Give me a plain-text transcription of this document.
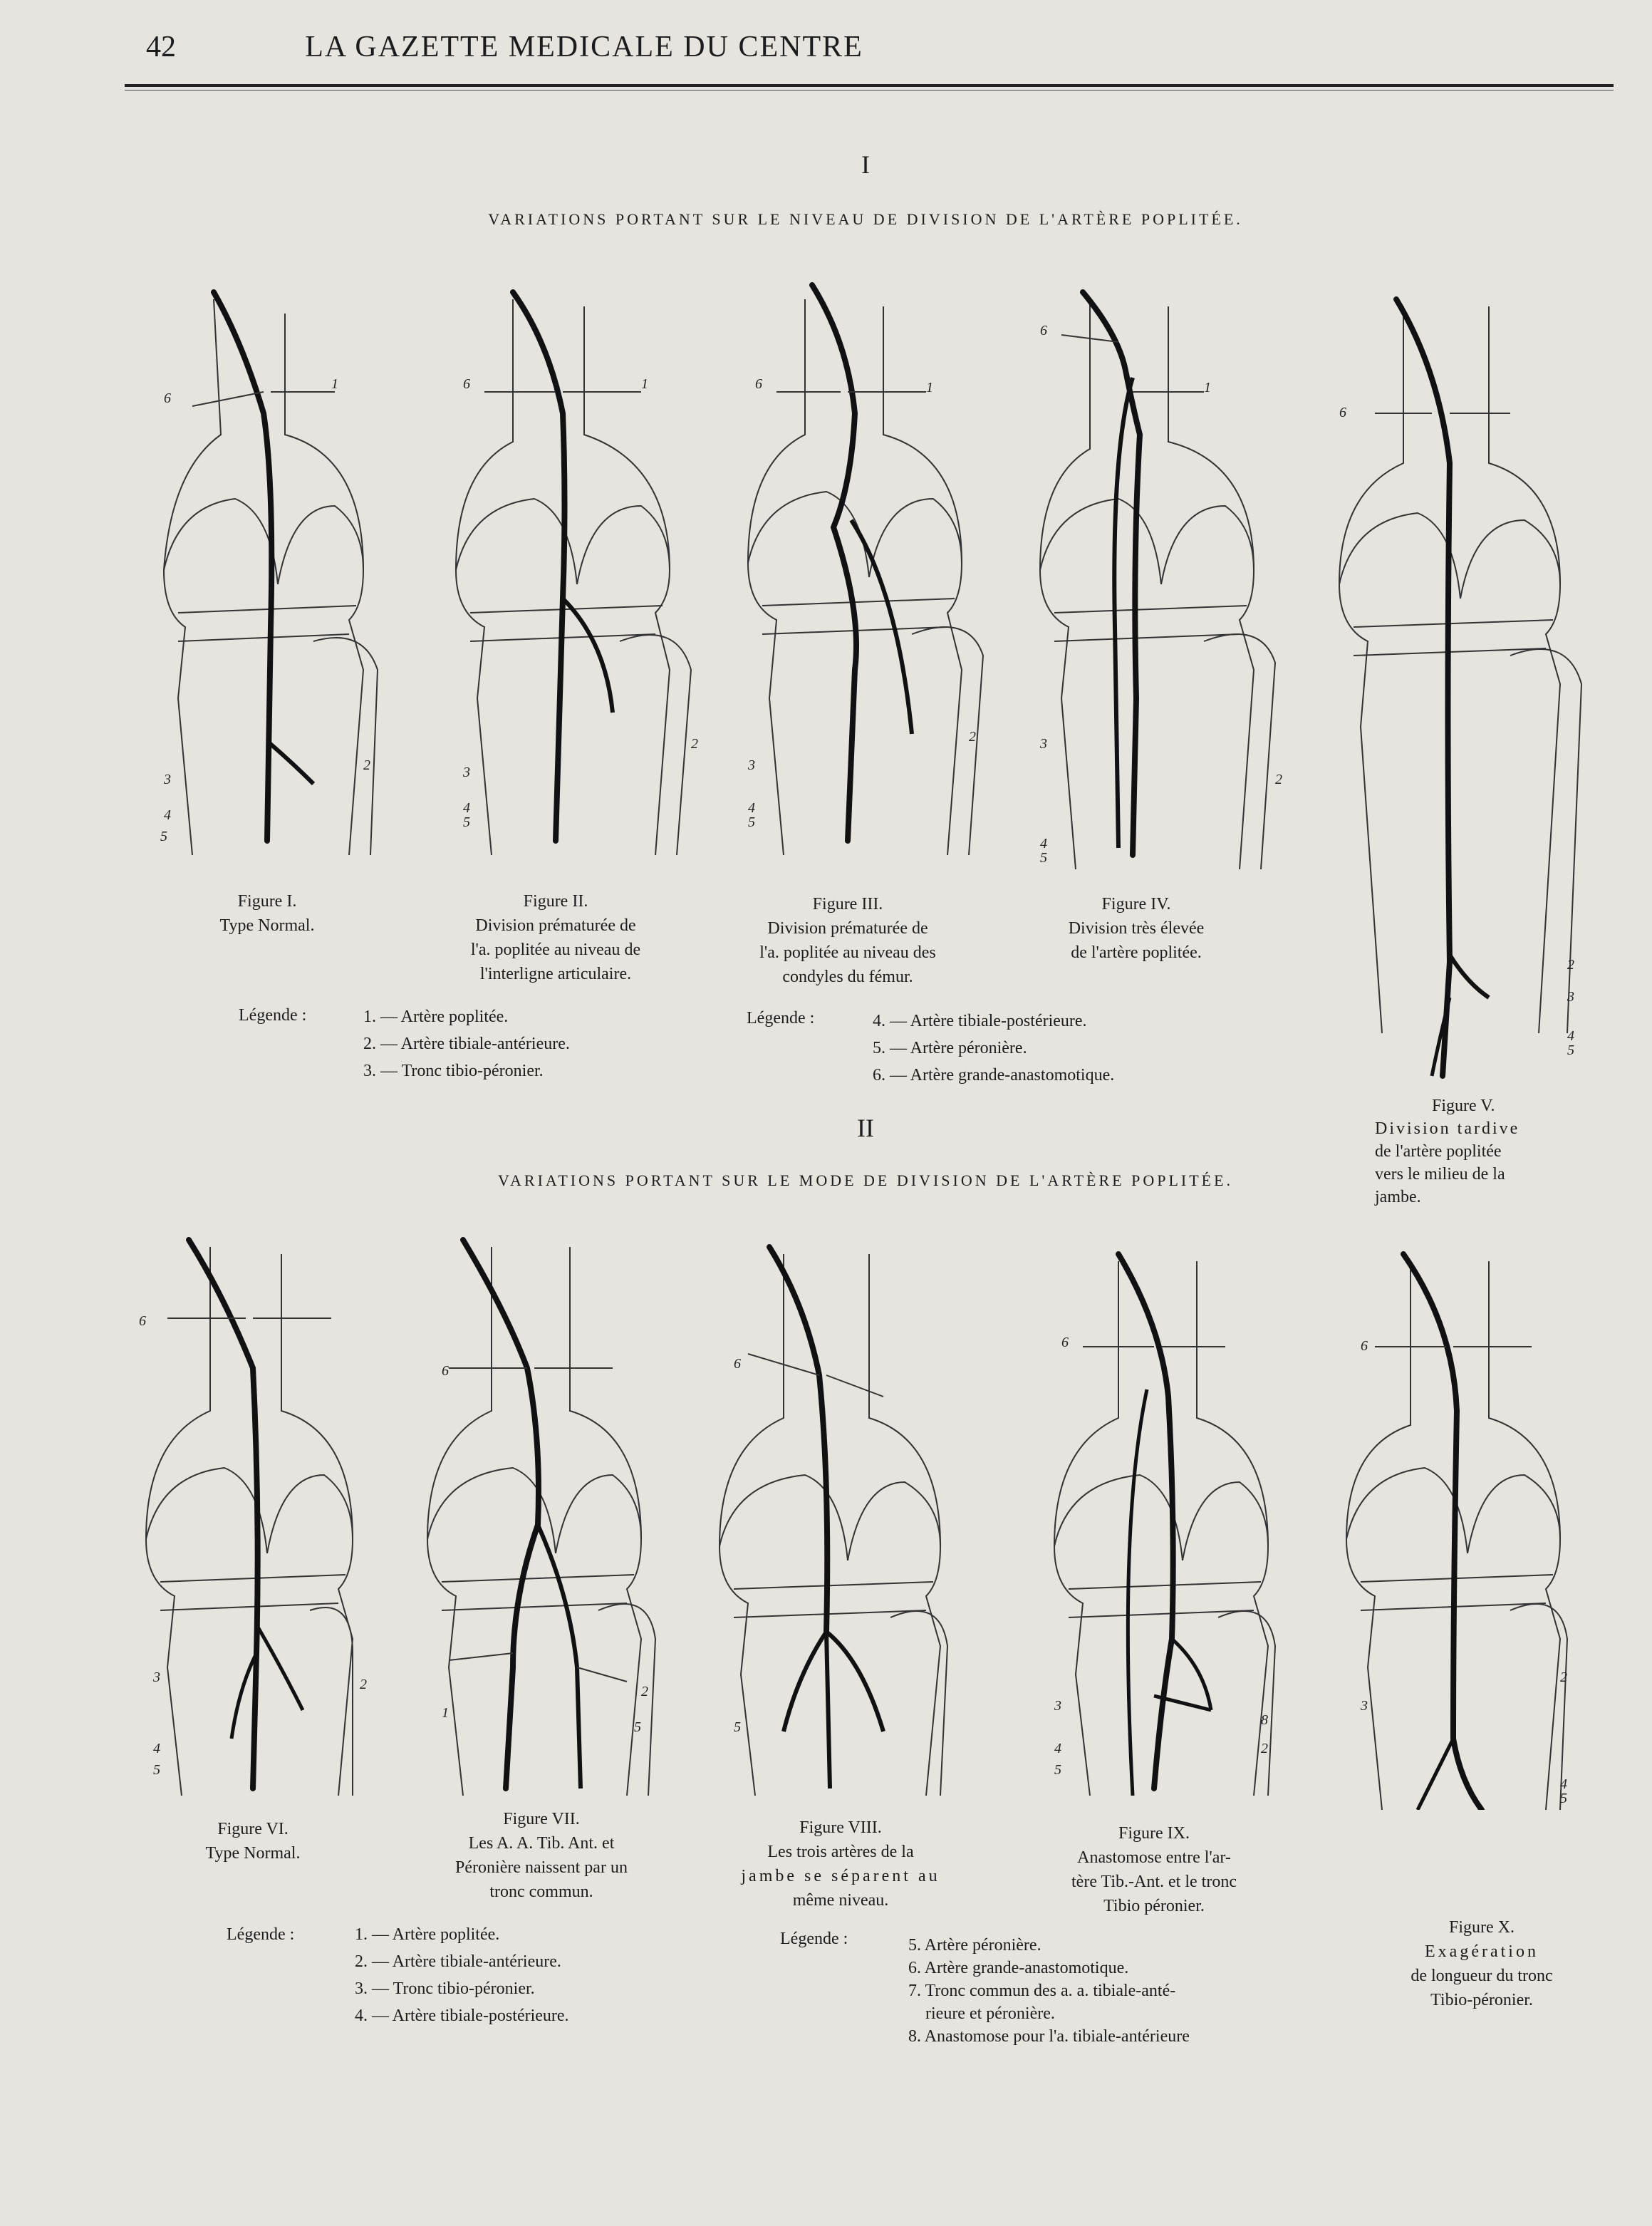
42	LA GAZETTE MEDICALE DU CENTRE
I
VARIATIONS PORTANT SUR LE NIVEAU DE DIVISION DE L'ARTÈRE POPLITÉE.
6
1
3
4
5
2
6	1
3
4
5
2
6	1
3
4
5
2
6
1
3
4
5
2
6
2
3
4
5
Figure I.
Type Normal.
Figure II.
Division prématurée de
l'a. poplitée au niveau de
l'interligne articulaire.
Figure III.
Division prématurée de
l'a. poplitée au niveau des
condyles du fémur.
Figure IV.
Division très élevée
de l'artère poplitée.
Figure V.
Division tardive
de l'artère poplitée
vers le milieu de la
jambe.
Légende :	1. — Artère poplitée.
2. — Artère tibiale-antérieure.
3. — Tronc tibio-péronier.
Légende :	4. — Artère tibiale-postérieure.
5. — Artère péronière.
6. — Artère grande-anastomotique.
II
VARIATIONS PORTANT SUR LE MODE DE DIVISION DE L'ARTÈRE POPLITÉE.
6
3
4
5
2
6
1
2
5
6
5
6
3
4
5
8
2
6
3
2
4
5
Figure VI.
Type Normal.
Figure VII.
Les A. A. Tib. Ant. et
Péronière naissent par un
tronc commun.
Figure VIII.
Les trois artères de la
jambe se séparent au
même niveau.
Figure IX.
Anastomose entre l'ar-
tère Tib.-Ant. et le tronc
Tibio péronier.
Figure X.
Exagération
de longueur du tronc
Tibio-péronier.
Légende :	1. — Artère poplitée.
2. — Artère tibiale-antérieure.
3. — Tronc tibio-péronier.
4. — Artère tibiale-postérieure.
Légende :	5. Artère péronière.
6. Artère grande-anastomotique.
7. Tronc commun des a. a. tibiale-anté-
rieure et péronière.
8. Anastomose pour l'a. tibiale-antérieure
